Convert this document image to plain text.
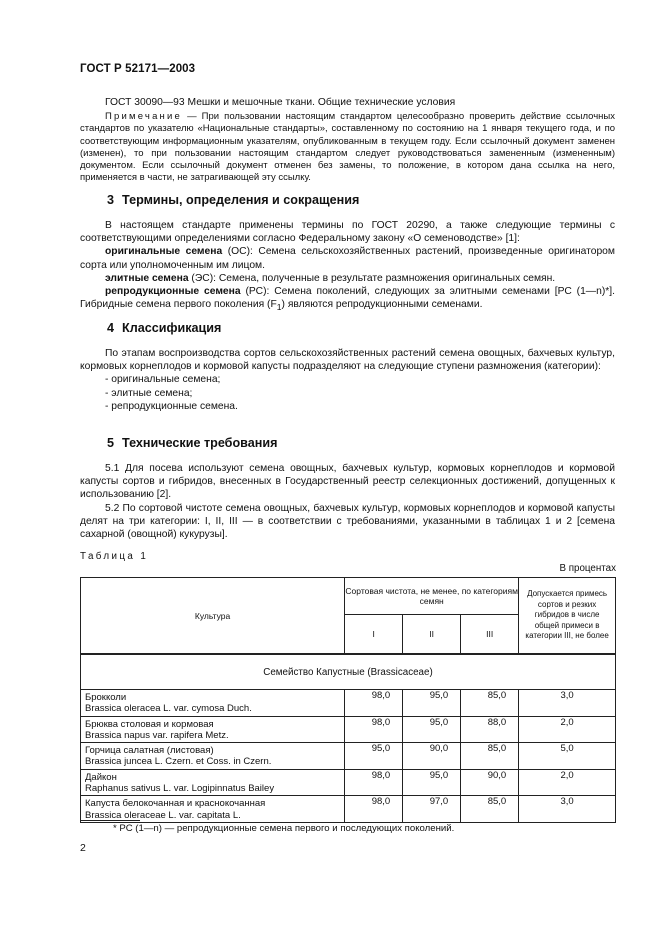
ГОСТ Р 52171—2003

ГОСТ 30090—93 Мешки и мешочные ткани. Общие технические условия

Примечание — При пользовании настоящим стандартом целесообразно проверить действие ссылочных стандартов по указателю «Национальные стандарты», составленному по состоянию на 1 января текущего года, и по соответствующим информационным указателям, опубликованным в текущем году. Если ссылочный документ заменен (изменен), то при пользовании настоящим стандартом следует руководствоваться замененным (измененным) документом. Если ссылочный документ отменен без замены, то положение, в котором дана ссылка на него, применяется в части, не затрагивающей эту ссылку.

3 Термины, определения и сокращения

В настоящем стандарте применены термины по ГОСТ 20290, а также следующие термины с соответствующими определениями согласно Федеральному закону «О семеноводстве» [1]:

оригинальные семена (ОС): Семена сельскохозяйственных растений, произведенные оригинатором сорта или уполномоченным им лицом.

элитные семена (ЭС): Семена, полученные в результате размножения оригинальных семян.

репродукционные семена (РС): Семена поколений, следующих за элитными семенами [РС (1—n)*]. Гибридные семена первого поколения $(F_1)$ являются репродукционными семенами.

4 Классификация

По этапам воспроизводства сортов сельскохозяйственных растений семена овощных, бахчевых культур, кормовых корнеплодов и кормовой капусты подразделяют на следующие ступени размножения (категории):

- оригинальные семена;
- элитные семена;
- репродукционные семена.
5 Технические требования

5.1 Для посева используют семена овощных, бахчевых культур, кормовых корнеплодов и кормовой капусты сортов и гибридов, внесенных в Государственный реестр селекционных достижений, допущенных к использованию [2].

5.2 По сортовой чистоте семена овощных, бахчевых культур, кормовых корнеплодов и кормовой капусты делят на три категории: I, II, III — в соответствии с требованиями, указанными в таблицах 1 и 2 [семена сахарной (овощной) кукурузы].

Таблица 1
В процентах
Культура	Сортовая чистота, не менее, по категориям семян			Допускается примесь сортов и резких гибридов в числе общей примеси в категории III, не более
	I	II	III	
Семейство Капустные (Brassicaceae)				
Брокколи
Brassica oleracea L. var. cymosa Duch.	98,0	95,0	85,0	3,0
Брюква столовая и кормовая
Brassica napus var. rapifera Metz.	98,0	95,0	88,0	2,0
Горчица салатная (листовая)
Brassica juncea L. Czern. et Coss. in Czern.	95,0	90,0	85,0	5,0
Дайкон
Raphanus sativus L. var. Logipinnatus Bailey	98,0	95,0	90,0	2,0
Капуста белокочанная и краснокочанная
Brassica oleraceae L. var. capitata L.	98,0	97,0	85,0	3,0
* РС (1—n) — репродукционные семена первого и последующих поколений.
2
